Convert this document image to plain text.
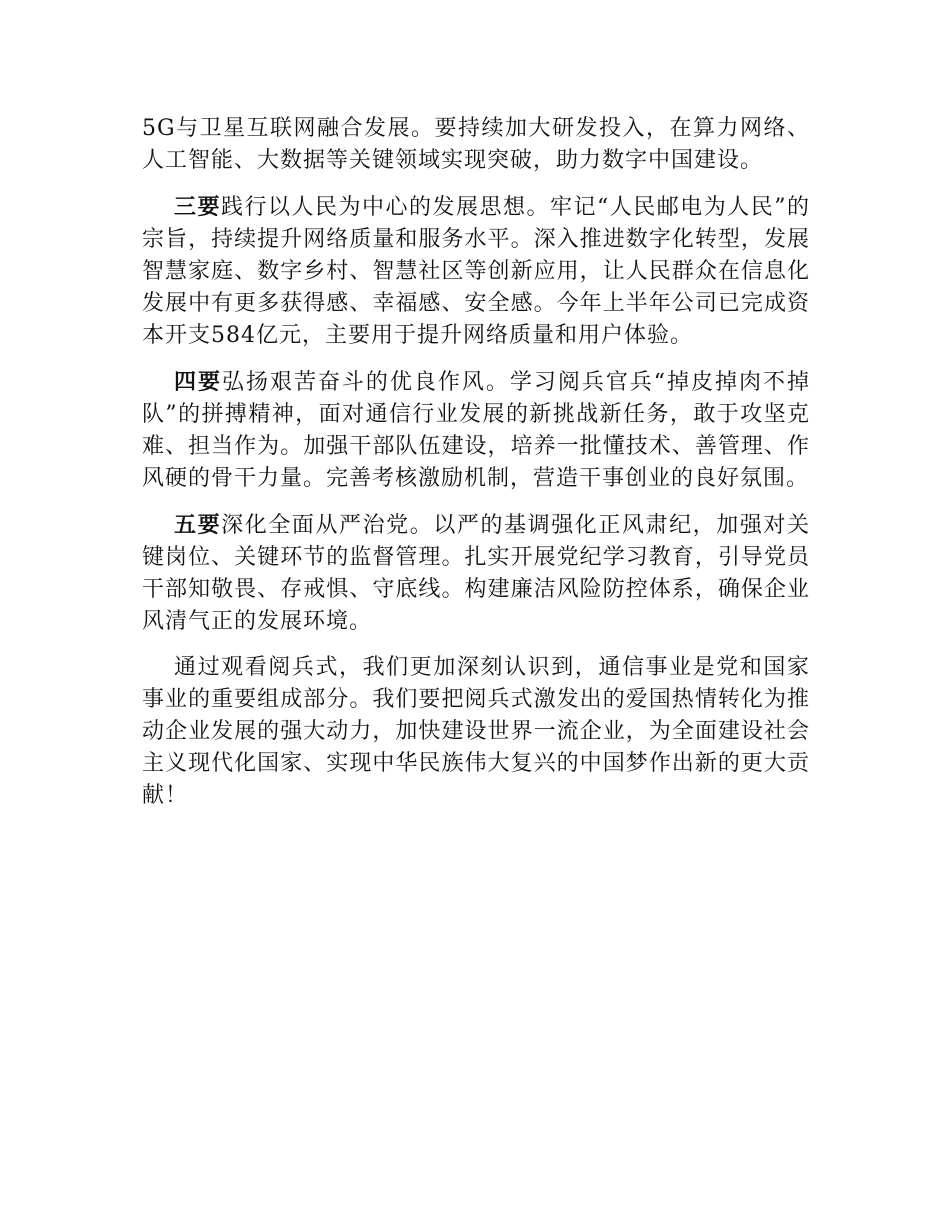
5G与卫星互联网融合发展。要持续加大研发投入，在算力网络、人工智能、大数据等关键领域实现突破，助力数字中国建设。

三要践行以人民为中心的发展思想。牢记“人民邮电为人民”的宗旨，持续提升网络质量和服务水平。深入推进数字化转型，发展智慧家庭、数字乡村、智慧社区等创新应用，让人民群众在信息化发展中有更多获得感、幸福感、安全感。今年上半年公司已完成资本开支584亿元，主要用于提升网络质量和用户体验。

四要弘扬艰苦奋斗的优良作风。学习阅兵官兵“掉皮掉肉不掉队”的拼搏精神，面对通信行业发展的新挑战新任务，敢于攻坚克难、担当作为。加强干部队伍建设，培养一批懂技术、善管理、作风硬的骨干力量。完善考核激励机制，营造干事创业的良好氛围。

五要深化全面从严治党。以严的基调强化正风肃纪，加强对关键岗位、关键环节的监督管理。扎实开展党纪学习教育，引导党员干部知敬畏、存戒惧、守底线。构建廉洁风险防控体系，确保企业风清气正的发展环境。

通过观看阅兵式，我们更加深刻认识到，通信事业是党和国家事业的重要组成部分。我们要把阅兵式激发出的爱国热情转化为推动企业发展的强大动力，加快建设世界一流企业，为全面建设社会主义现代化国家、实现中华民族伟大复兴的中国梦作出新的更大贡献！
